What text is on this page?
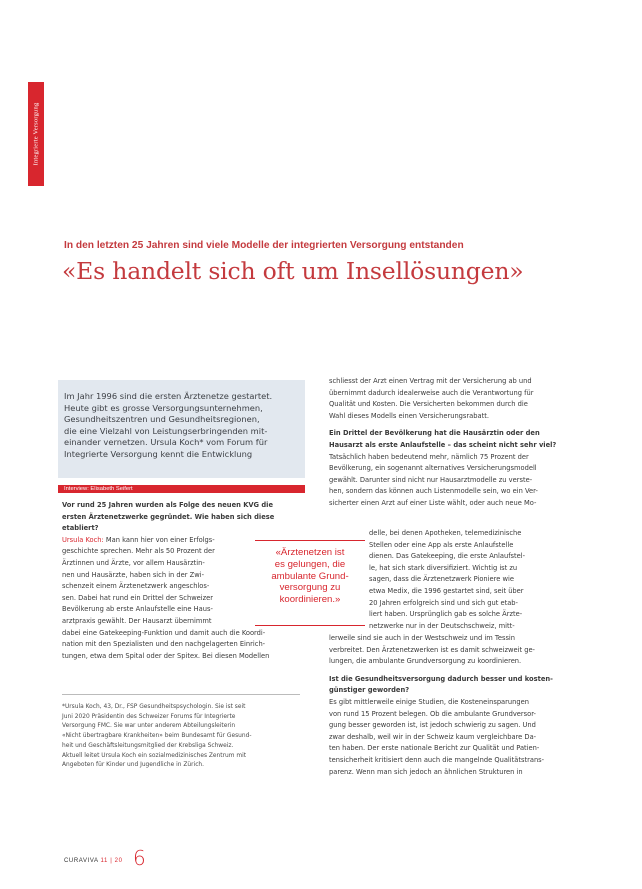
Integrierte Versorgung
In den letzten 25 Jahren sind viele Modelle der integrierten Versorgung entstanden
«Es handelt sich oft um Insellösungen»

Im Jahr 1996 sind die ersten Ärztenetze gestartet.
Heute gibt es grosse Versorgungsunternehmen,
Gesundheitszentren und Gesundheitsregionen,
die eine Vielzahl von Leistungserbringenden mit-
einander vernetzen. Ursula Koch* vom Forum für
Integrierte Versorgung kennt die Entwicklung

Interview: Elisabeth Seifert
Vor rund 25 Jahren wurden als Folge des neuen KVG die
ersten Ärztenetzwerke gegründet. Wie haben sich diese
etabliert?
Ursula Koch: Man kann hier von einer Erfolgs-
geschichte sprechen. Mehr als 50 Prozent der
Ärztinnen und Ärzte, vor allem Hausärztin-
nen und Hausärzte, haben sich in der Zwi-
schenzeit einem Ärztenetzwerk angeschlos-
sen. Dabei hat rund ein Drittel der Schweizer
Bevölkerung ab erste Anlaufstelle eine Haus-
arztpraxis gewählt. Der Hausarzt übernimmt
dabei eine Gatekeeping-Funktion und damit auch die Koordi-
nation mit den Spezialisten und den nachgelagerten Einrich-
tungen, etwa dem Spital oder der Spitex. Bei diesen Modellen
«Ärztenetzen ist
es gelungen, die
ambulante Grund-
versorgung zu
koordinieren.»
*Ursula Koch, 43, Dr., FSP Gesundheitspsychologin. Sie ist seit
Juni 2020 Präsidentin des Schweizer Forums für Integrierte
Versorgung FMC. Sie war unter anderem Abteilungsleiterin
«Nicht übertragbare Krankheiten» beim Bundesamt für Gesund-
heit und Geschäftsleitungsmitglied der Krebsliga Schweiz.
Aktuell leitet Ursula Koch ein sozialmedizinisches Zentrum mit
Angeboten für Kinder und Jugendliche in Zürich.
schliesst der Arzt einen Vertrag mit der Versicherung ab und
übernimmt dadurch idealerweise auch die Verantwortung für
Qualität und Kosten. Die Versicherten bekommen durch die
Wahl dieses Modells einen Versicherungsrabatt.
Ein Drittel der Bevölkerung hat die Hausärztin oder den
Hausarzt als erste Anlaufstelle – das scheint nicht sehr viel?
Tatsächlich haben bedeutend mehr, nämlich 75 Prozent der
Bevölkerung, ein sogenannt alternatives Versicherungsmodell
gewählt. Darunter sind nicht nur Hausarztmodelle zu verste-
hen, sondern das können auch Listenmodelle sein, wo ein Ver-
sicherter einen Arzt auf einer Liste wählt, oder auch neue Mo-
delle, bei denen Apotheken, telemedizinische
Stellen oder eine App als erste Anlaufstelle
dienen. Das Gatekeeping, die erste Anlaufstel-
le, hat sich stark diversifiziert. Wichtig ist zu
sagen, dass die Ärztenetzwerk Pioniere wie
etwa Medix, die 1996 gestartet sind, seit über
20 Jahren erfolgreich sind und sich gut etab-
liert haben. Ursprünglich gab es solche Ärzte-
netzwerke nur in der Deutschschweiz, mitt-
lerweile sind sie auch in der Westschweiz und im Tessin
verbreitet. Den Ärztenetzwerken ist es damit schweizweit ge-
lungen, die ambulante Grundversorgung zu koordinieren.
Ist die Gesundheitsversorgung dadurch besser und kosten-
günstiger geworden?
Es gibt mittlerweile einige Studien, die Kosteneinsparungen
von rund 15 Prozent belegen. Ob die ambulante Grundversor-
gung besser geworden ist, ist jedoch schwierig zu sagen. Und
zwar deshalb, weil wir in der Schweiz kaum vergleichbare Da-
ten haben. Der erste nationale Bericht zur Qualität und Patien-
tensicherheit kritisiert denn auch die mangelnde Qualitätstrans-
parenz. Wenn man sich jedoch an ähnlichen Strukturen in
CURAVIVA 11 | 20 6
